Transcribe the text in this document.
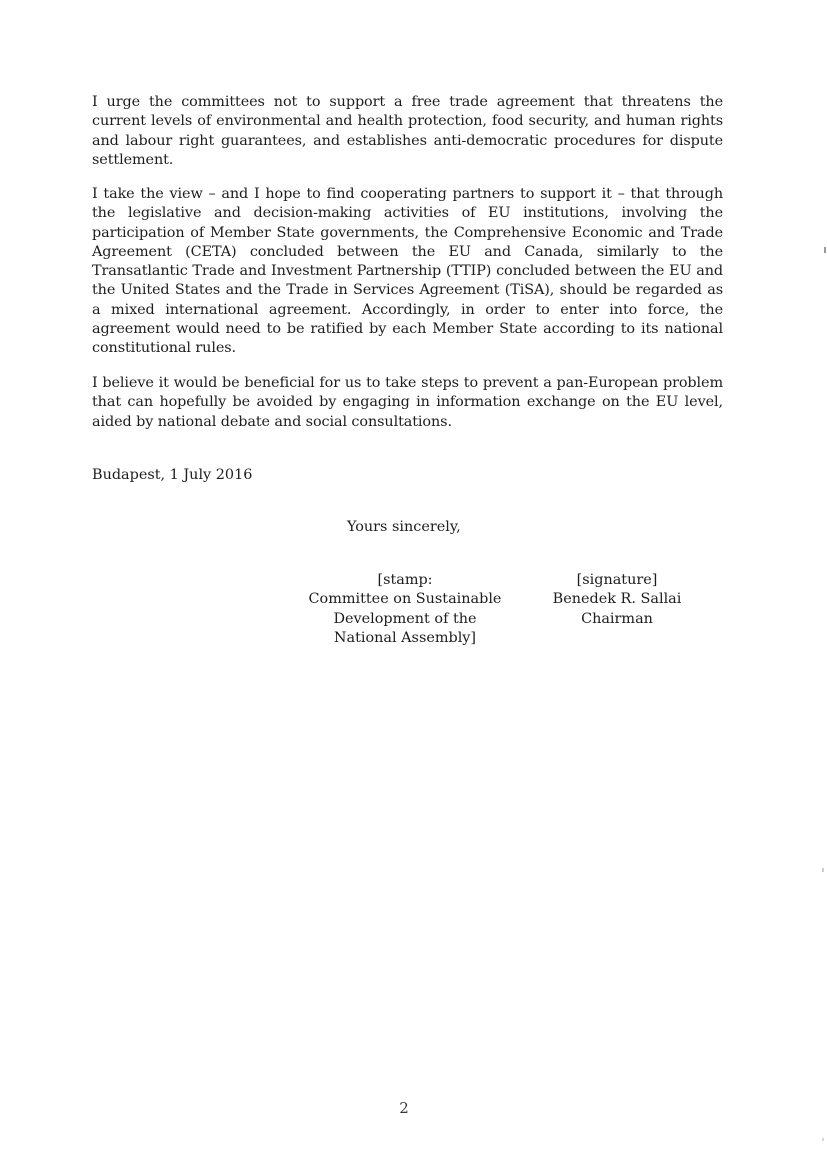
I urge the committees not to support a free trade agreement that threatens the current levels of environmental and health protection, food security, and human rights and labour right guarantees, and establishes anti-democratic procedures for dispute settlement.

I take the view – and I hope to find cooperating partners to support it – that through the legislative and decision-making activities of EU institutions, involving the participation of Member State governments, the Comprehensive Economic and Trade Agreement (CETA) concluded between the EU and Canada, similarly to the Transatlantic Trade and Investment Partnership (TTIP) concluded between the EU and the United States and the Trade in Services Agreement (TiSA), should be regarded as a mixed international agreement. Accordingly, in order to enter into force, the agreement would need to be ratified by each Member State according to its national constitutional rules.

I believe it would be beneficial for us to take steps to prevent a pan-European problem that can hopefully be avoided by engaging in information exchange on the EU level, aided by national debate and social consultations.

Budapest, 1 July 2016
Yours sincerely,
[stamp:
Committee on Sustainable
Development of the
National Assembly]
[signature]
Benedek R. Sallai
Chairman
2
